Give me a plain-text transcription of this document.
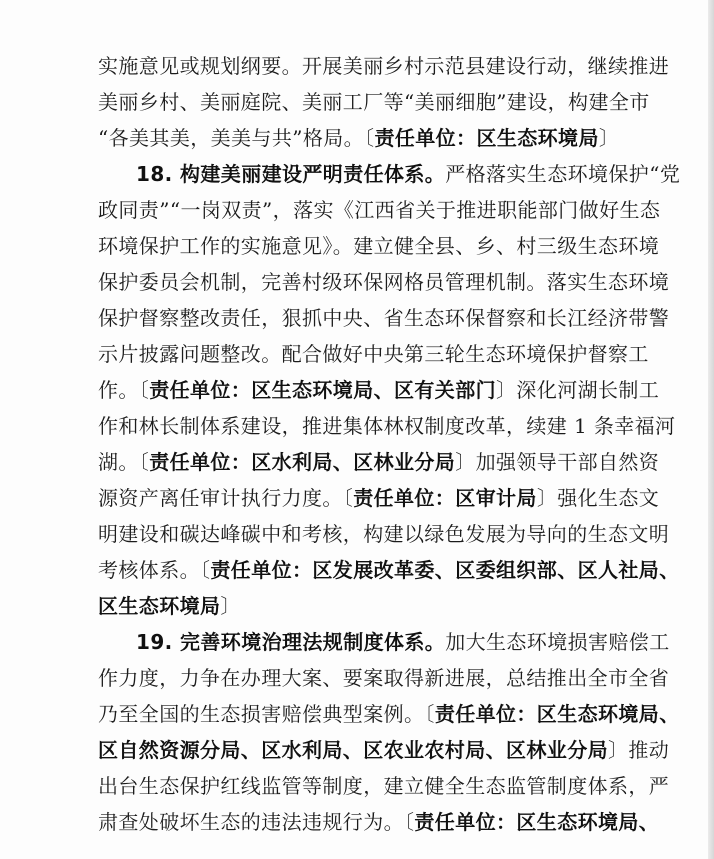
实施意见或规划纲要。开展美丽乡村示范县建设行动，继续推进
美丽乡村、美丽庭院、美丽工厂等“美丽细胞”建设，构建全市
“各美其美，美美与共”格局。〔责任单位：区生态环境局〕
18. 构建美丽建设严明责任体系。严格落实生态环境保护“党
政同责”“一岗双责”，落实《江西省关于推进职能部门做好生态
环境保护工作的实施意见》。建立健全县、乡、村三级生态环境
保护委员会机制，完善村级环保网格员管理机制。落实生态环境
保护督察整改责任，狠抓中央、省生态环保督察和长江经济带警
示片披露问题整改。配合做好中央第三轮生态环境保护督察工
作。〔责任单位：区生态环境局、区有关部门〕深化河湖长制工
作和林长制体系建设，推进集体林权制度改革，续建 1 条幸福河
湖。〔责任单位：区水利局、区林业分局〕加强领导干部自然资
源资产离任审计执行力度。〔责任单位：区审计局〕强化生态文
明建设和碳达峰碳中和考核，构建以绿色发展为导向的生态文明
考核体系。〔责任单位：区发展改革委、区委组织部、区人社局、
区生态环境局〕
19. 完善环境治理法规制度体系。加大生态环境损害赔偿工
作力度，力争在办理大案、要案取得新进展，总结推出全市全省
乃至全国的生态损害赔偿典型案例。〔责任单位：区生态环境局、
区自然资源分局、区水利局、区农业农村局、区林业分局〕推动
出台生态保护红线监管等制度，建立健全生态监管制度体系，严
肃查处破坏生态的违法违规行为。〔责任单位：区生态环境局、
